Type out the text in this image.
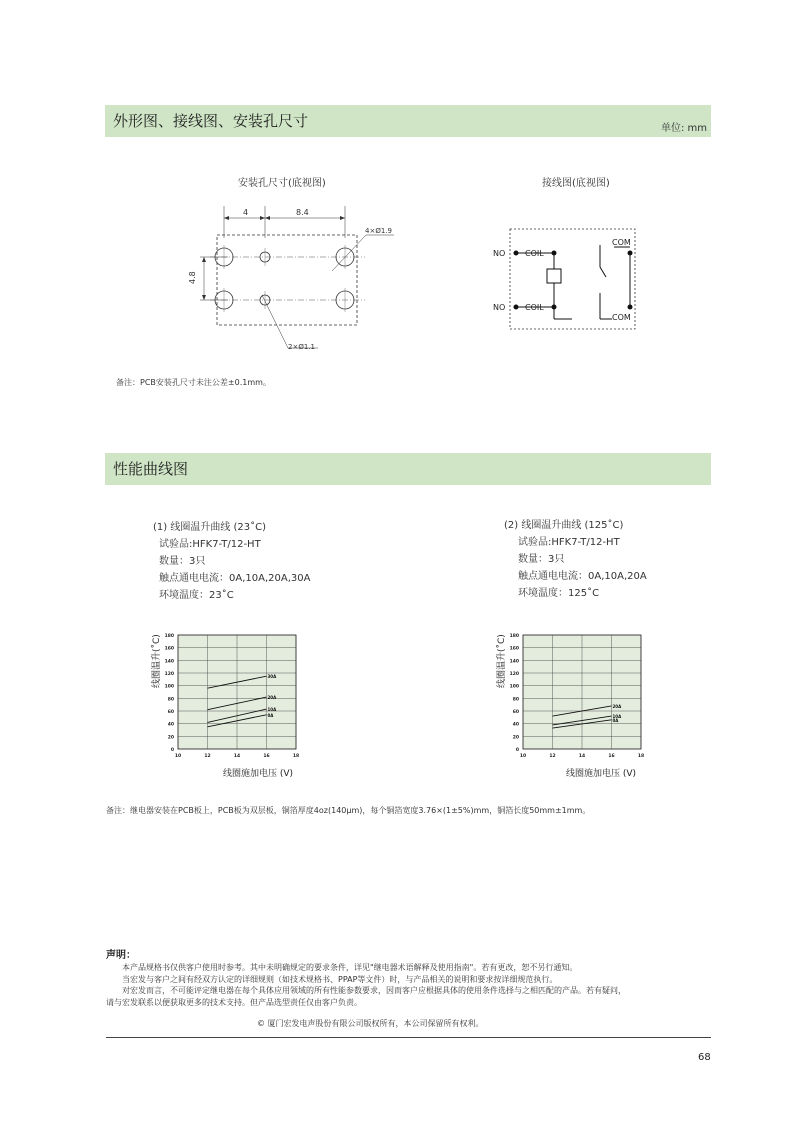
外形图、接线图、安装孔尺寸	单位: mm
安装孔尺寸(底视图)
4	8.4
4.8
4×Ø1.9
2×Ø1.1
备注：PCB安装孔尺寸未注公差±0.1mm。
接线图(底视图)
NO COIL
COM
NO COIL
COM
性能曲线图
(1) 线圈温升曲线 (23˚C)
试验品:HFK7-T/12-HT
数量：3只
触点通电电流：0A,10A,20A,30A
环境温度：23˚C
(2) 线圈温升曲线 (125˚C)
试验品:HFK7-T/12-HT
数量：3只
触点通电电流：0A,10A,20A
环境温度：125˚C
0
20
40
60
80
100
120
140
160
180
10	12	14	16	18
30A
20A
10A
0A
0
20
40
60
80
100
120
140
160
180
10	12	14	16	18
20A
10A
0A
线圈温升(˚C)	线圈温升(˚C)
线圈施加电压 (V)	线圈施加电压 (V)
备注：继电器安装在PCB板上，PCB板为双层板，铜箔厚度4oz(140μm)，每个铜箔宽度3.76×(1±5%)mm，铜箔长度50mm±1mm。
声明：
本产品规格书仅供客户使用时参考。其中未明确规定的要求条件，详见"继电器术语解释及使用指南"。若有更改，恕不另行通知。
当宏发与客户之间有经双方认定的详细规则（如技术规格书、PPAP等文件）时，与产品相关的说明和要求按详细规范执行。
对宏发而言，不可能评定继电器在每个具体应用领域的所有性能参数要求，因而客户应根据具体的使用条件选择与之相匹配的产品。若有疑问，
请与宏发联系以便获取更多的技术支持。但产品选型责任仅由客户负责。
© 厦门宏发电声股份有限公司版权所有，本公司保留所有权利。
68
